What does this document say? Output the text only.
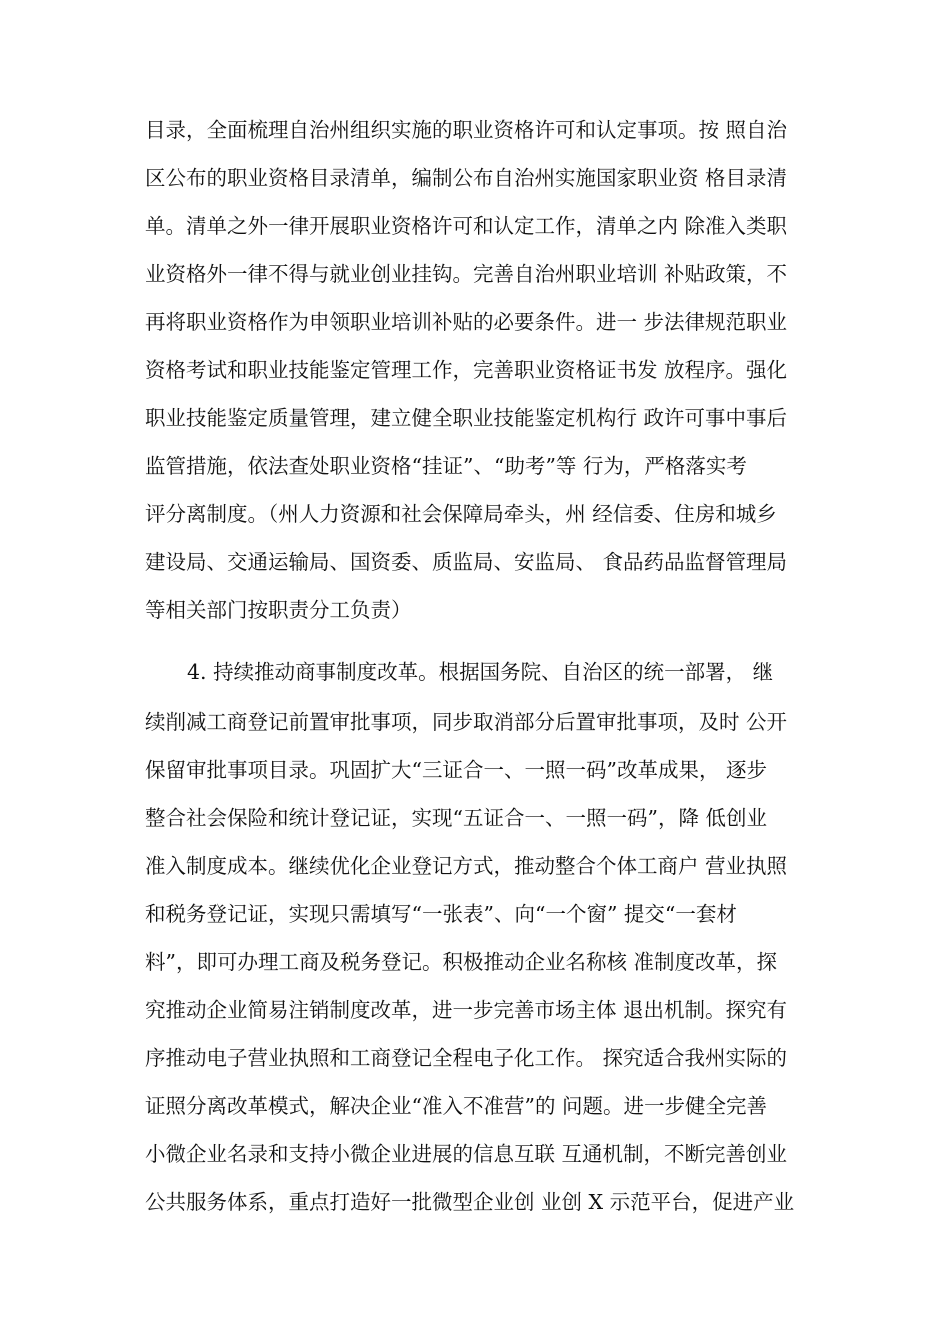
目录，全面梳理自治州组织实施的职业资格许可和认定事项。按 照自治
区公布的职业资格目录清单，编制公布自治州实施国家职业资 格目录清
单。清单之外一律开展职业资格许可和认定工作，清单之内 除准入类职
业资格外一律不得与就业创业挂钩。完善自治州职业培训 补贴政策，不
再将职业资格作为申领职业培训补贴的必要条件。进一 步法律规范职业
资格考试和职业技能鉴定管理工作，完善职业资格证书发 放程序。强化
职业技能鉴定质量管理，建立健全职业技能鉴定机构行 政许可事中事后
监管措施，依法查处职业资格“挂证”、“助考”等 行为，严格落实考
评分离制度。（州人力资源和社会保障局牵头，州 经信委、住房和城乡
建设局、交通运输局、国资委、质监局、安监局、 食品药品监督管理局
等相关部门按职责分工负责）
4. 持续推动商事制度改革。根据国务院、自治区的统一部署， 继
续削减工商登记前置审批事项，同步取消部分后置审批事项，及时 公开
保留审批事项目录。巩固扩大“三证合一、一照一码”改革成果， 逐步
整合社会保险和统计登记证，实现“五证合一、一照一码”，降 低创业
准入制度成本。继续优化企业登记方式，推动整合个体工商户 营业执照
和税务登记证，实现只需填写“一张表”、向“一个窗” 提交“一套材
料”，即可办理工商及税务登记。积极推动企业名称核 准制度改革，探
究推动企业简易注销制度改革，进一步完善市场主体 退出机制。探究有
序推动电子营业执照和工商登记全程电子化工作。 探究适合我州实际的
证照分离改革模式，解决企业“准入不准营”的 问题。进一步健全完善
小微企业名录和支持小微企业进展的信息互联 互通机制，不断完善创业
公共服务体系，重点打造好一批微型企业创 业创 X 示范平台，促进产业
